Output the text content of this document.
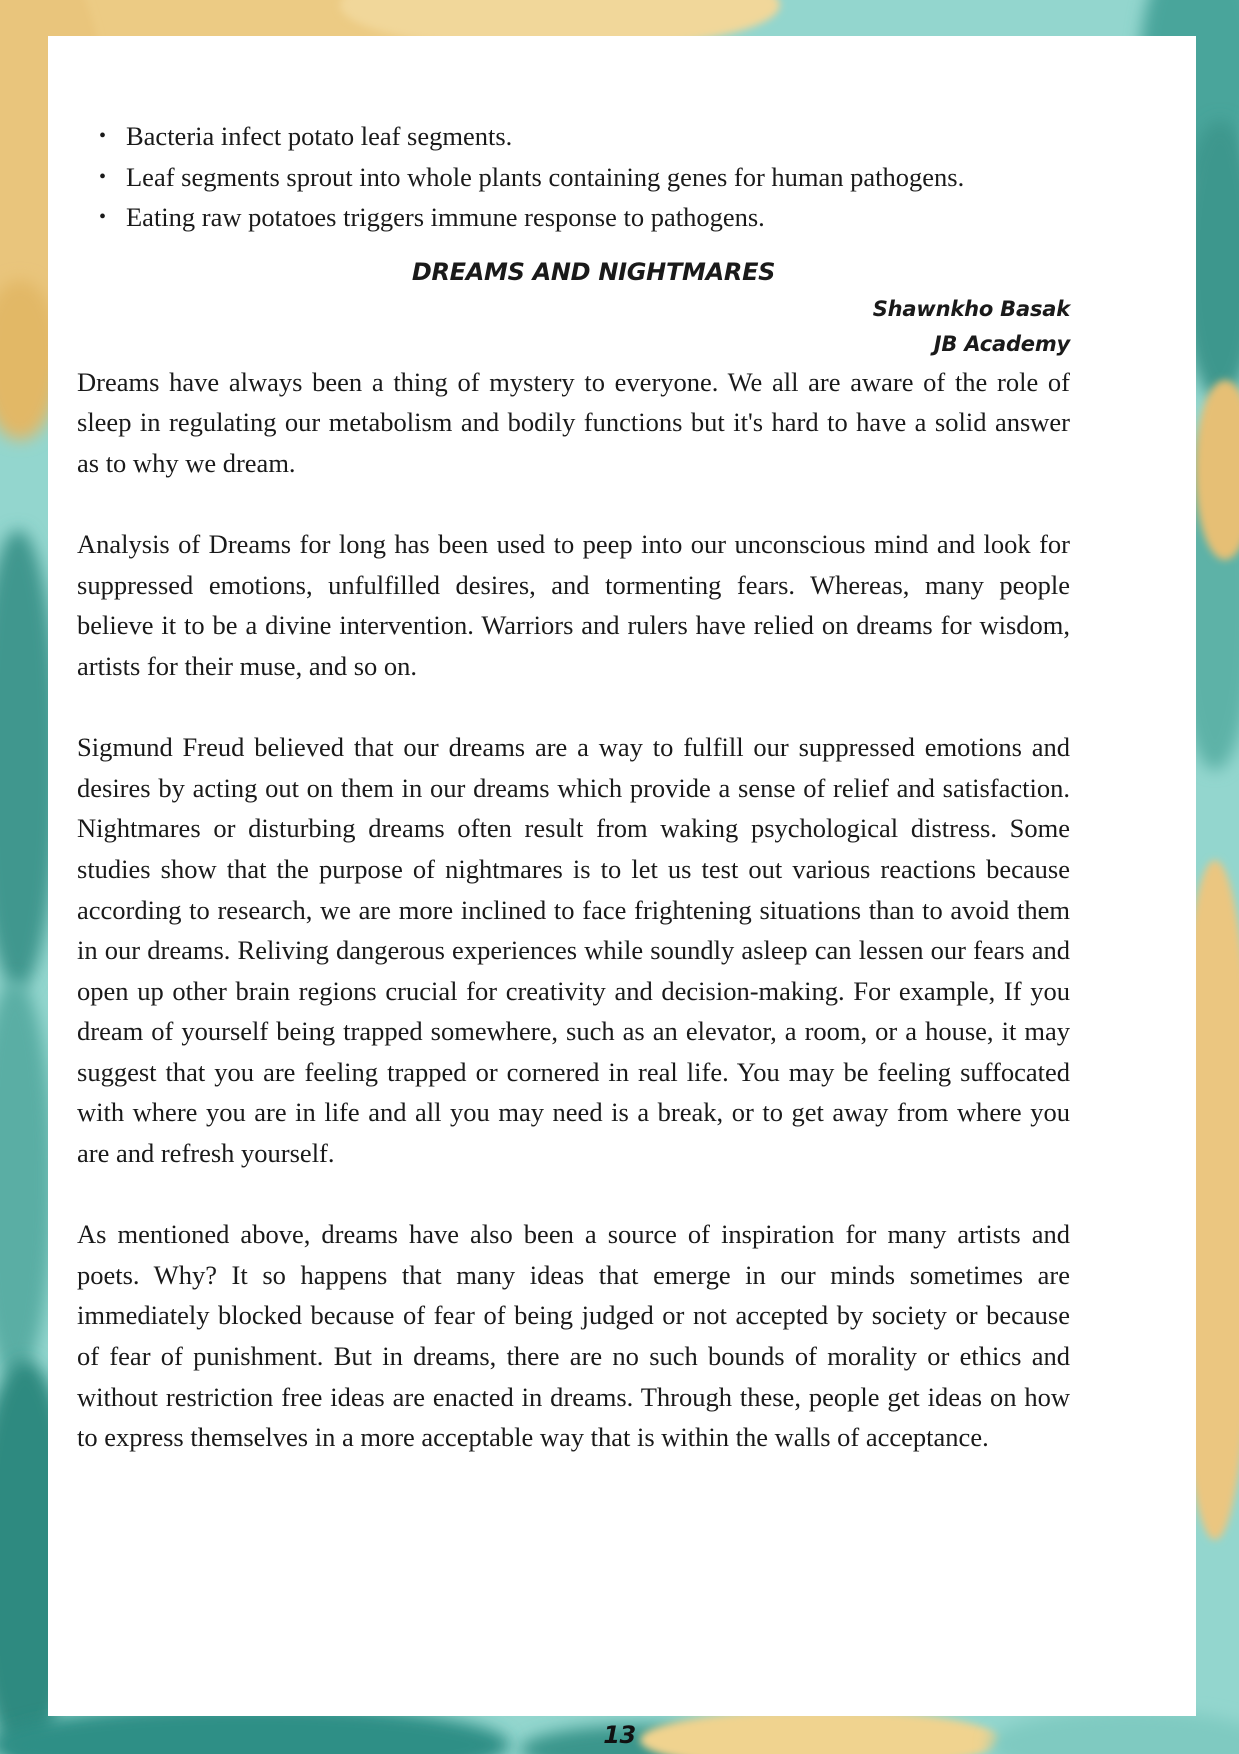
• Bacteria infect potato leaf segments.
• Leaf segments sprout into whole plants containing genes for human pathogens.
• Eating raw potatoes triggers immune response to pathogens.
DREAMS AND NIGHTMARES
Shawnkho Basak
JB Academy

Dreams have always been a thing of mystery to everyone. We all are aware of the role of sleep in regulating our metabolism and bodily functions but it's hard to have a solid answer as to why we dream.

Analysis of Dreams for long has been used to peep into our unconscious mind and look for suppressed emotions, unfulfilled desires, and tormenting fears. Whereas, many people believe it to be a divine intervention. Warriors and rulers have relied on dreams for wisdom, artists for their muse, and so on.

Sigmund Freud believed that our dreams are a way to fulfill our suppressed emotions and desires by acting out on them in our dreams which provide a sense of relief and satisfaction. Nightmares or disturbing dreams often result from waking psychological distress. Some studies show that the purpose of nightmares is to let us test out various reactions because according to research, we are more inclined to face frightening situations than to avoid them in our dreams. Reliving dangerous experiences while soundly asleep can lessen our fears and open up other brain regions crucial for creativity and decision-making. For example, If you dream of yourself being trapped somewhere, such as an elevator, a room, or a house, it may suggest that you are feeling trapped or cornered in real life. You may be feeling suffocated with where you are in life and all you may need is a break, or to get away from where you are and refresh yourself.

As mentioned above, dreams have also been a source of inspiration for many artists and poets. Why? It so happens that many ideas that emerge in our minds sometimes are immediately blocked because of fear of being judged or not accepted by society or because of fear of punishment. But in dreams, there are no such bounds of morality or ethics and without restriction free ideas are enacted in dreams. Through these, people get ideas on how to express themselves in a more acceptable way that is within the walls of acceptance.

13
